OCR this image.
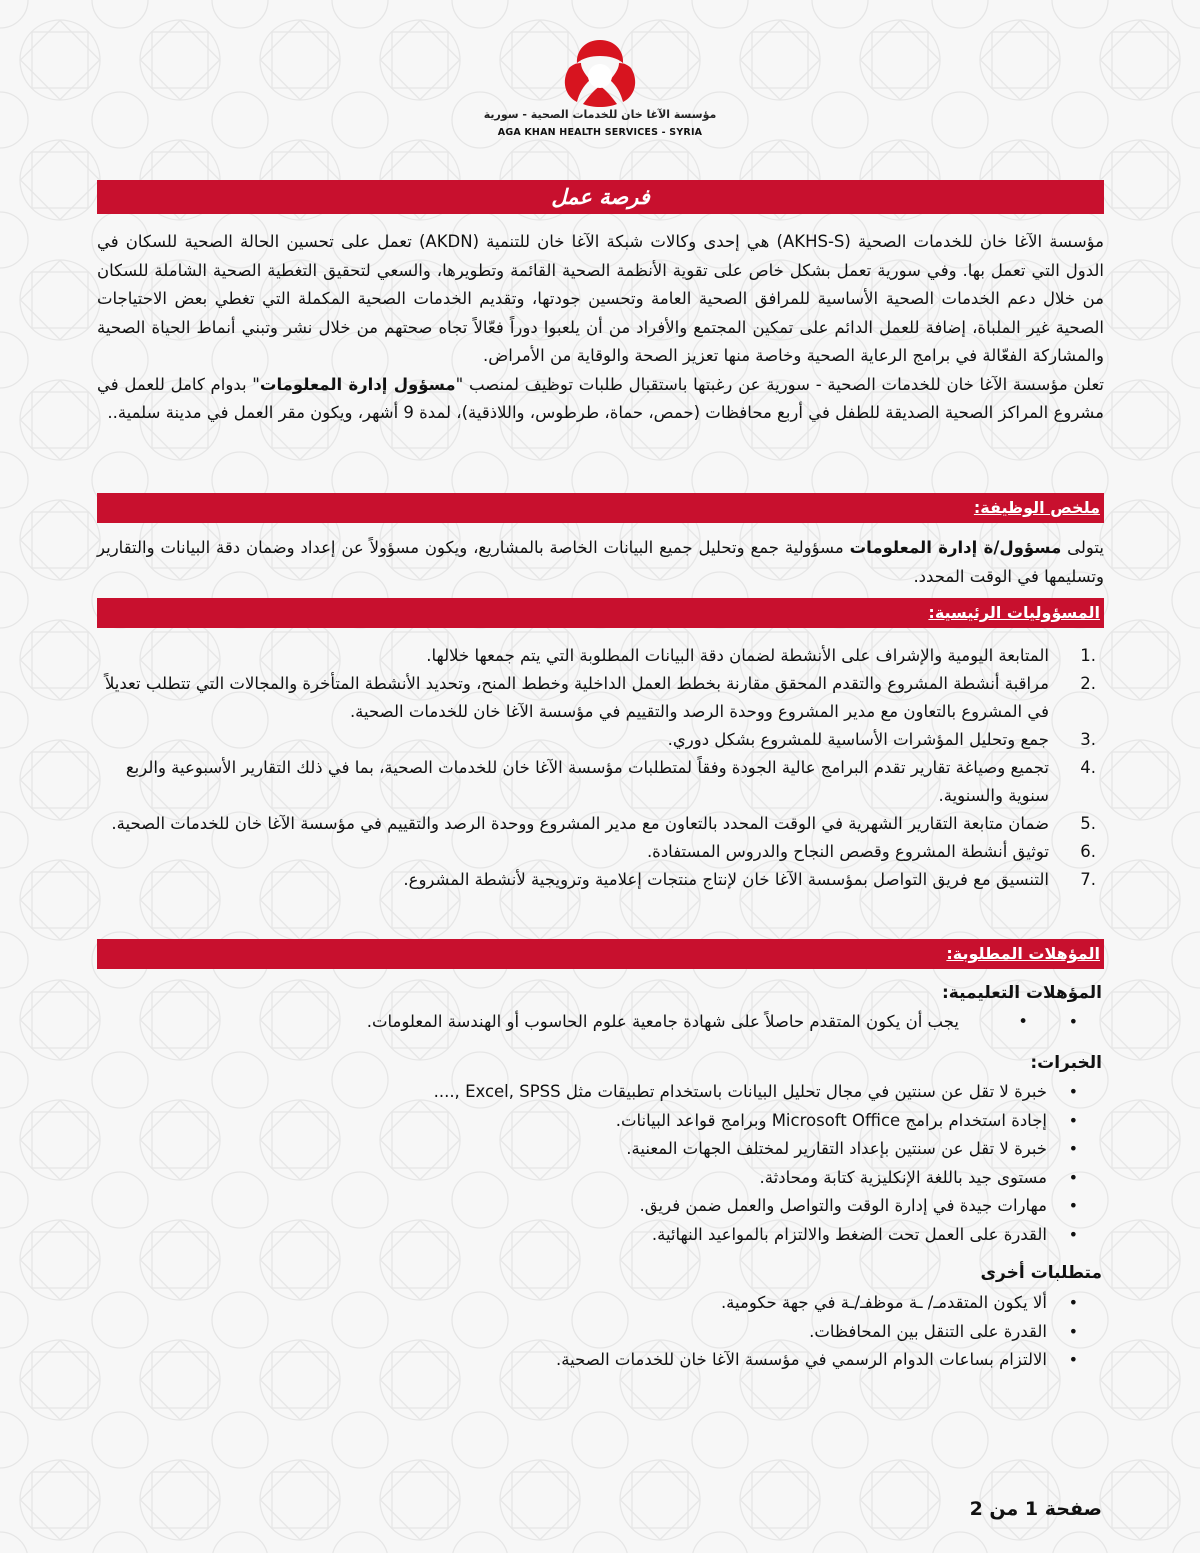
مؤسسة الآغا خان للخدمات الصحية - سورية
AGA KHAN HEALTH SERVICES - SYRIA
فرصة عمل
مؤسسة الآغا خان للخدمات الصحية (AKHS-S) هي إحدى وكالات شبكة الآغا خان للتنمية (AKDN) تعمل على تحسين الحالة الصحية للسكان في الدول التي تعمل بها. وفي سورية تعمل بشكل خاص على تقوية الأنظمة الصحية القائمة وتطويرها، والسعي لتحقيق التغطية الصحية الشاملة للسكان من خلال دعم الخدمات الصحية الأساسية للمرافق الصحية العامة وتحسين جودتها، وتقديم الخدمات الصحية المكملة التي تغطي بعض الاحتياجات الصحية غير الملباة، إضافة للعمل الدائم على تمكين المجتمع والأفراد من أن يلعبوا دوراً فعّالاً تجاه صحتهم من خلال نشر وتبني أنماط الحياة الصحية والمشاركة الفعّالة في برامج الرعاية الصحية وخاصة منها تعزيز الصحة والوقاية من الأمراض.
تعلن مؤسسة الآغا خان للخدمات الصحية - سورية عن رغبتها باستقبال طلبات توظيف لمنصب "مسؤول إدارة المعلومات" بدوام كامل للعمل في مشروع المراكز الصحية الصديقة للطفل في أربع محافظات (حمص، حماة، طرطوس، واللاذقية)، لمدة 9 أشهر، ويكون مقر العمل في مدينة سلمية..
ملخص الوظيفة:
يتولى مسؤول/ة إدارة المعلومات مسؤولية جمع وتحليل جميع البيانات الخاصة بالمشاريع، ويكون مسؤولاً عن إعداد وضمان دقة البيانات والتقارير وتسليمها في الوقت المحدد.
المسؤوليات الرئيسية:
1.
المتابعة اليومية والإشراف على الأنشطة لضمان دقة البيانات المطلوبة التي يتم جمعها خلالها.
2.
مراقبة أنشطة المشروع والتقدم المحقق مقارنة بخطط العمل الداخلية وخطط المنح، وتحديد الأنشطة المتأخرة والمجالات التي تتطلب تعديلاً في المشروع بالتعاون مع مدير المشروع ووحدة الرصد والتقييم في مؤسسة الآغا خان للخدمات الصحية.
3.
جمع وتحليل المؤشرات الأساسية للمشروع بشكل دوري.
4.
تجميع وصياغة تقارير تقدم البرامج عالية الجودة وفقاً لمتطلبات مؤسسة الآغا خان للخدمات الصحية، بما في ذلك التقارير الأسبوعية والربع سنوية والسنوية.
5.
ضمان متابعة التقارير الشهرية في الوقت المحدد بالتعاون مع مدير المشروع ووحدة الرصد والتقييم في مؤسسة الآغا خان للخدمات الصحية.
6.
توثيق أنشطة المشروع وقصص النجاح والدروس المستفادة.
7.
التنسيق مع فريق التواصل بمؤسسة الآغا خان لإنتاج منتجات إعلامية وترويجية لأنشطة المشروع.
المؤهلات المطلوبة:
المؤهلات التعليمية:
• •
يجب أن يكون المتقدم حاصلاً على شهادة جامعية علوم الحاسوب أو الهندسة المعلومات.
الخبرات:
• خبرة لا تقل عن سنتين في مجال تحليل البيانات باستخدام تطبيقات مثل Excel, SPSS ,....
• إجادة استخدام برامج Microsoft Office وبرامج قواعد البيانات.
• خبرة لا تقل عن سنتين بإعداد التقارير لمختلف الجهات المعنية.
• مستوى جيد باللغة الإنكليزية كتابة ومحادثة.
• مهارات جيدة في إدارة الوقت والتواصل والعمل ضمن فريق.
• القدرة على العمل تحت الضغط والالتزام بالمواعيد النهائية.
متطلبات أخرى
• ألا يكون المتقدمـ/ ـة موظفـ/ـة في جهة حكومية.
• القدرة على التنقل بين المحافظات.
• الالتزام بساعات الدوام الرسمي في مؤسسة الآغا خان للخدمات الصحية.
صفحة 1 من 2
